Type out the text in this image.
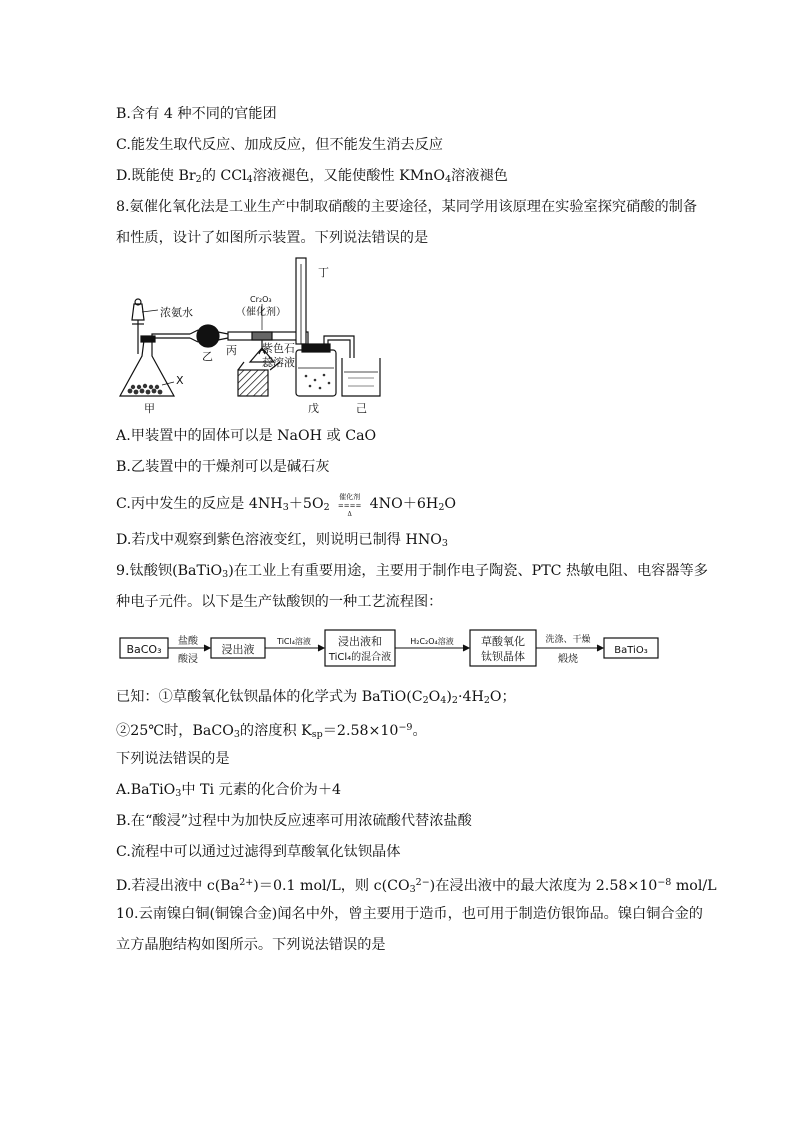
B.含有 4 种不同的官能团
C.能发生取代反应、加成反应，但不能发生消去反应
D.既能使 $Br_2$的 CCl$_4$溶液褪色，又能使酸性 KMnO$_4$溶液褪色
8.氨催化氧化法是工业生产中制取硝酸的主要途径，某同学用该原理在实验室探究硝酸的制备
和性质，设计了如图所示装置。下列说法错误的是
浓氨水
Cr₂O₃
（催化剂）
紫色石
蕊溶液
甲
乙 丙
丁
戊	己
X
A.甲装置中的固体可以是 NaOH 或 CaO
B.乙装置中的干燥剂可以是碱石灰
C.丙中发生的反应是 $4NH_3+5O_2$
催化剂
====
Δ
$4NO+6H_2O$
D.若戊中观察到紫色溶液变红，则说明已制得 $HNO_3$
9.钛酸钡(BaTiO$_3$)在工业上有重要用途，主要用于制作电子陶瓷、PTC 热敏电阻、电容器等多
种电子元件。以下是生产钛酸钡的一种工艺流程图：
BaCO₃
盐酸
酸浸
浸出液
TiCl₄溶液 浸出液和
TiCl₄的混合液
H₂C₂O₄溶液 草酸氧化
钛钡晶体
洗涤、干燥
煅烧
BaTiO₃
已知：①草酸氧化钛钡晶体的化学式为 $BaTiO(C_2O_4)_2\cdot 4H_2O$；
②25℃时，BaCO$_3$的溶度积 $K_{sp}=2.58\times 10^{-9}$。
下列说法错误的是
A.BaTiO$_3$中 Ti 元素的化合价为＋4
B.在“酸浸”过程中为加快反应速率可用浓硫酸代替浓盐酸
C.流程中可以通过过滤得到草酸氧化钛钡晶体
D.若浸出液中 $c(Ba^{2+})=0.1$ mol/L，则 $c(CO_3^{2-})$在浸出液中的最大浓度为 $2.58\times 10^{-8}$ mol/L
10.云南镍白铜(铜镍合金)闻名中外，曾主要用于造币，也可用于制造仿银饰品。镍白铜合金的
立方晶胞结构如图所示。下列说法错误的是
